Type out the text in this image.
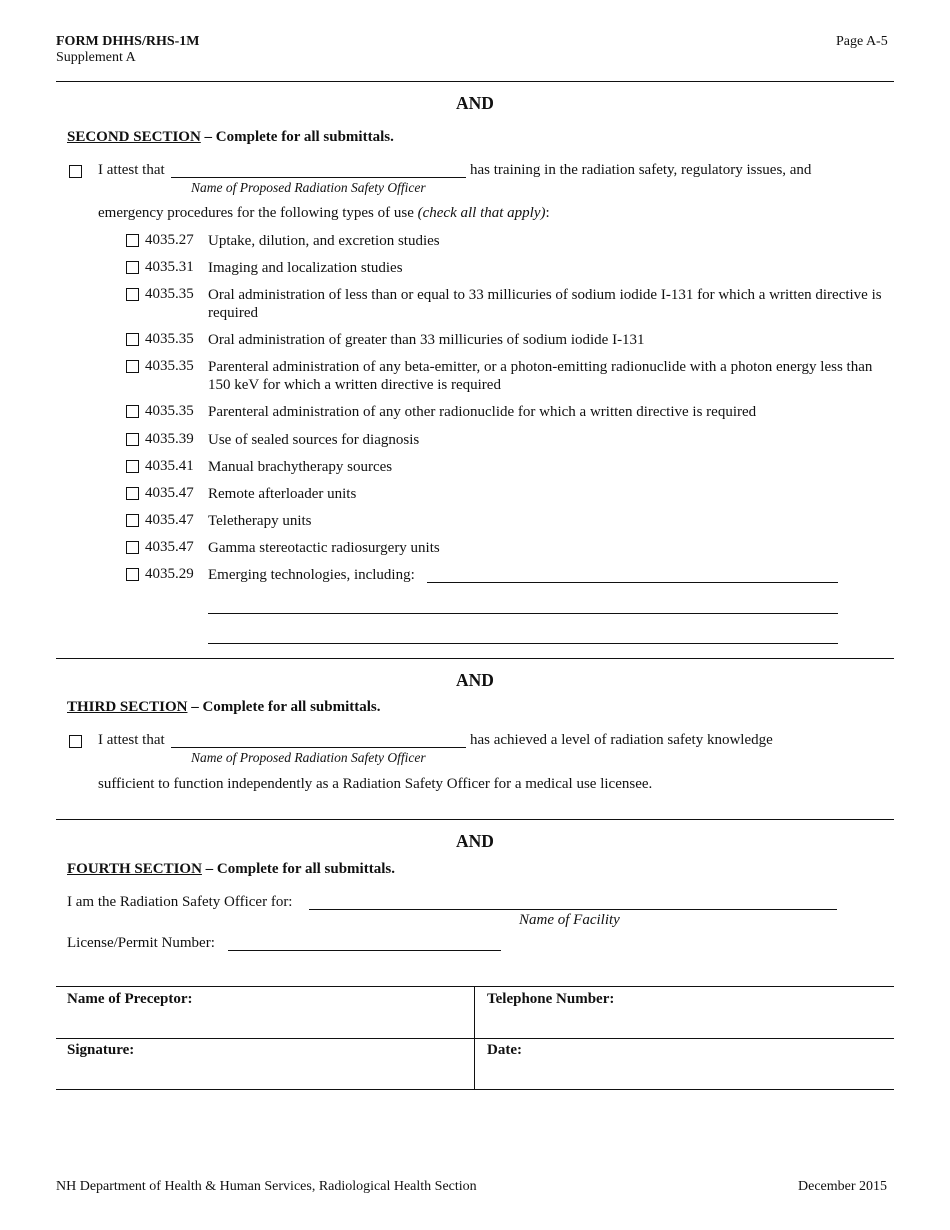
FORM DHHS/RHS-1M
Supplement A
Page A-5
AND
SECOND SECTION – Complete for all submittals.
I attest that	has training in the radiation safety, regulatory issues, and
Name of Proposed Radiation Safety Officer
emergency procedures for the following types of use (check all that apply):
4035.27 Uptake, dilution, and excretion studies
4035.31 Imaging and localization studies
4035.35 Oral administration of less than or equal to 33 millicuries of sodium iodide I-131 for which a written directive is required
4035.35 Oral administration of greater than 33 millicuries of sodium iodide I-131
4035.35 Parenteral administration of any beta-emitter, or a photon-emitting radionuclide with a photon energy less than 150 keV for which a written directive is required
4035.35 Parenteral administration of any other radionuclide for which a written directive is required
4035.39 Use of sealed sources for diagnosis
4035.41 Manual brachytherapy sources
4035.47 Remote afterloader units
4035.47 Teletherapy units
4035.47 Gamma stereotactic radiosurgery units
4035.29 Emerging technologies, including:
AND
THIRD SECTION – Complete for all submittals.
I attest that	has achieved a level of radiation safety knowledge
Name of Proposed Radiation Safety Officer
sufficient to function independently as a Radiation Safety Officer for a medical use licensee.
AND
FOURTH SECTION – Complete for all submittals.
I am the Radiation Safety Officer for:
Name of Facility
License/Permit Number:
Name of Preceptor:	Telephone Number:
Signature:	Date:
NH Department of Health & Human Services, Radiological Health Section	December 2015
